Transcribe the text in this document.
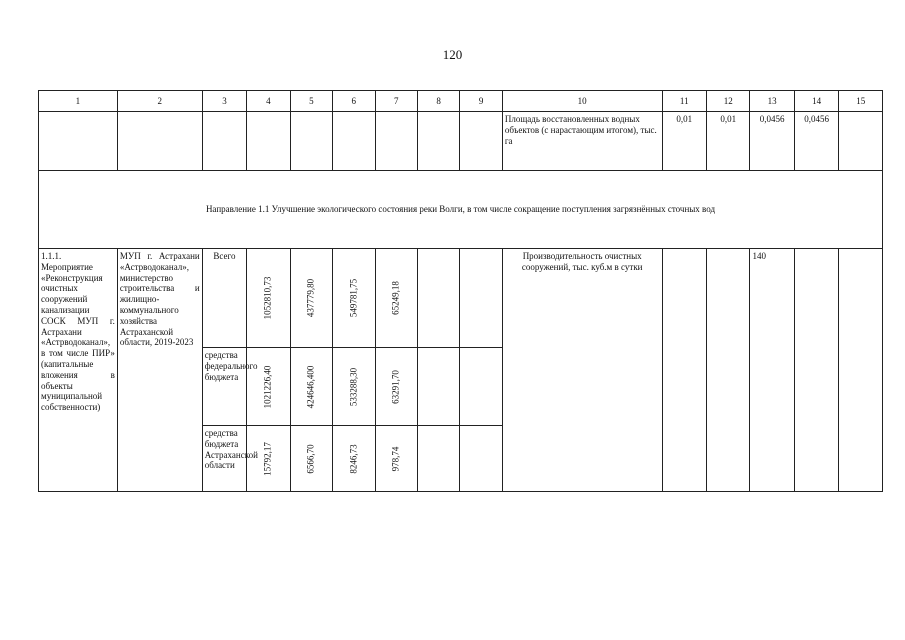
120
1	2	3	4	5	6	7	8	9	10	11	12	13	14	15
									Площадь восстановленных водных объектов (с нарастающим итогом), тыс. га	0,01	0,01	0,0456	0,0456	
Направление 1.1 Улучшение экологического состояния реки Волги, в том числе сокращение поступления загрязнённых сточных вод														
1.1.1. Мероприятие «Реконструкция очистных сооружений канализации СОСК МУП г. Астрахани «Астрводоканал», в том числе ПИР» (капитальные вложения в объекты муниципальной собственности)	МУП г. Астрахани «Астрводоканал», министерство строительства и жилищно-коммунального хозяйства Астраханской области, 2019-2023	Всего	1052810,73	437779,80	549781,75	65249,18			Производительность очистных сооружений, тыс. куб.м в сутки			140		
		средства федерального бюджета	1021226,40	424646,400	533288,30	63291,70								

		средства бюджета Астраханской области	15792,17	6566,70	8246,73	978,74								
